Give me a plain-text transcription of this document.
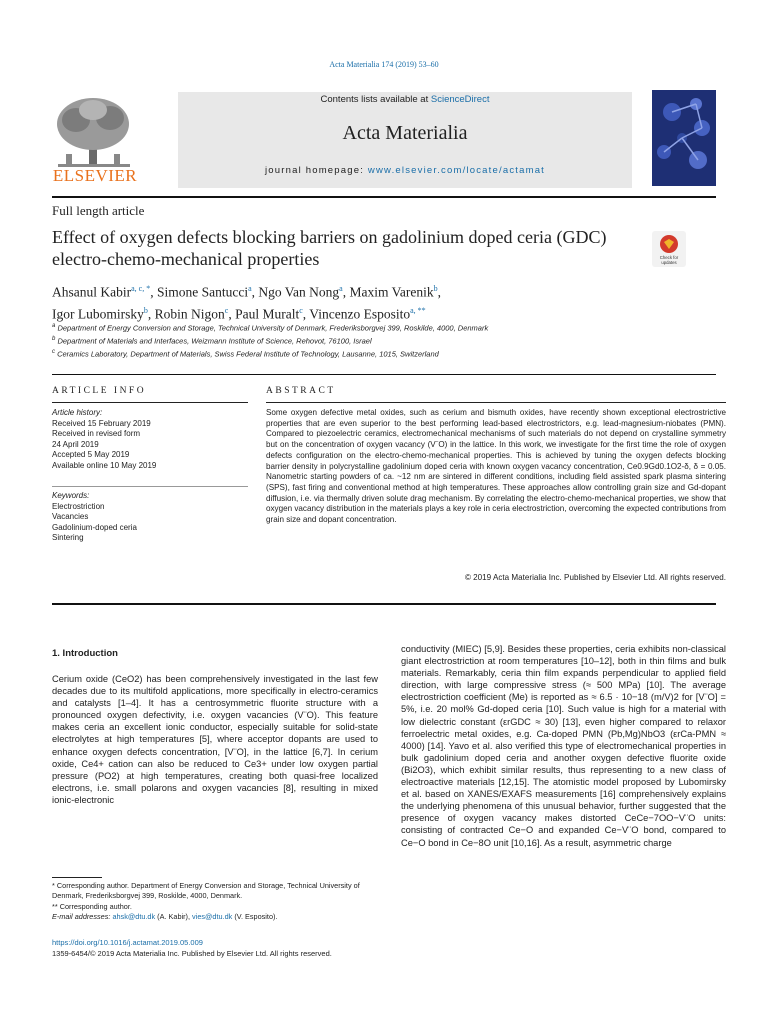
Acta Materialia 174 (2019) 53–60
ELSEVIER
Contents lists available at ScienceDirect
Acta Materialia
journal homepage: www.elsevier.com/locate/actamat
Acta Materialia
Full length article
Effect of oxygen defects blocking barriers on gadolinium doped ceria (GDC) electro-chemo-mechanical properties	Check for
updates
Ahsanul Kabir$^{a, c, *}$, Simone Santucci$^a$, Ngo Van Nong$^a$, Maxim Varenik$^b$,
Igor Lubomirsky$^b$, Robin Nigon$^c$, Paul Muralt$^c$, Vincenzo Esposito$^{a, **}$
$^a$ Department of Energy Conversion and Storage, Technical University of Denmark, Frederiksborgvej 399, Roskilde, 4000, Denmark
$^b$ Department of Materials and Interfaces, Weizmann Institute of Science, Rehovot, 76100, Israel
$^c$ Ceramics Laboratory, Department of Materials, Swiss Federal Institute of Technology, Lausanne, 1015, Switzerland
ARTICLE INFO
Article history:
Received 15 February 2019
Received in revised form
24 April 2019
Accepted 5 May 2019
Available online 10 May 2019
Keywords:
Electrostriction
Vacancies
Gadolinium-doped ceria
Sintering
ABSTRACT
Some oxygen defective metal oxides, such as cerium and bismuth oxides, have recently shown exceptional electrostrictive properties that are even superior to the best performing lead-based electrostrictors, e.g. lead-magnesium-niobates (PMN). Compared to piezoelectric ceramics, electromechanical mechanisms of such materials do not depend on crystalline symmetry but on the concentration of oxygen vacancy (V¨O) in the lattice. In this work, we investigate for the first time the role of oxygen defects configuration on the electro-chemo-mechanical properties. This is achieved by tuning the oxygen defects blocking barrier density in polycrystalline gadolinium doped ceria with known oxygen vacancy concentration, Ce0.9Gd0.1O2-δ, δ = 0.05. Nanometric starting powders of ca. ~12 nm are sintered in different conditions, including field assisted spark plasma sintering (SPS), fast firing and conventional method at high temperatures. These approaches allow controlling grain size and Gd-dopant diffusion, i.e. via thermally driven solute drag mechanism. By correlating the electro-chemo-mechanical properties, we show that oxygen vacancy distribution in the materials plays a key role in ceria electrostriction, overcoming the expected contributions from grain size and dopant concentration.
© 2019 Acta Materialia Inc. Published by Elsevier Ltd. All rights reserved.
1. Introduction
Cerium oxide (CeO2) has been comprehensively investigated in the last few decades due to its multifold applications, more specifically in electro-ceramics and catalysts [1–4]. It has a centrosymmetric fluorite structure with a pronounced oxygen defectivity, i.e. oxygen vacancies (V¨O). This feature makes ceria an excellent ionic conductor, especially suitable for solid-state electrolytes at high temperatures [5], where acceptor dopants are used to enhance oxygen defects concentration, [V¨O], in the lattice [6,7]. In cerium oxide, Ce4+ cation can also be reduced to Ce3+ under low oxygen partial pressure (PO2) at high temperatures, creating both quasi-free localized electrons, i.e. small polarons and oxygen vacancies [8], resulting in mixed ionic-electronic
conductivity (MIEC) [5,9]. Besides these properties, ceria exhibits non-classical giant electrostriction at room temperatures [10–12], both in thin films and bulk materials. Remarkably, ceria thin film expands perpendicular to applied field direction, with large compressive stress (≈ 500 MPa) [10]. The average electrostriction coefficient (Me) is reported as ≈ 6.5 · 10−18 (m/V)2 for [V¨O] = 5%, i.e. 20 mol% Gd-doped ceria [10]. Such value is high for a material with low dielectric constant (εrGDC ≈ 30) [13], even higher compared to relaxor ferroelectric metal oxides, e.g. Ca-doped PMN (Pb,Mg)NbO3 (εrCa-PMN ≈ 4000) [14]. Yavo et al. also verified this type of electromechanical properties in bulk gadolinium doped ceria and another oxygen defective fluorite oxide (Bi2O3), which exhibit similar results, thus representing to a new class of electroactive materials [12,15]. The atomistic model proposed by Lubomirsky et al. based on XANES/EXAFS measurements [16] comprehensively explains the underlying phenomena of this unusual behavior, further suggested that the presence of oxygen vacancy makes distorted CeCe−7OO−V¨O units: consisting of contracted Ce−O and expanded Ce−V¨O bond, compared to Ce−O bond in Ce−8O unit [10,16]. As a result, asymmetric charge
* Corresponding author. Department of Energy Conversion and Storage, Technical University of Denmark, Frederiksborgvej 399, Roskilde, 4000, Denmark.
** Corresponding author.
E-mail addresses: ahsk@dtu.dk (A. Kabir), vies@dtu.dk (V. Esposito).
https://doi.org/10.1016/j.actamat.2019.05.009
1359-6454/© 2019 Acta Materialia Inc. Published by Elsevier Ltd. All rights reserved.
